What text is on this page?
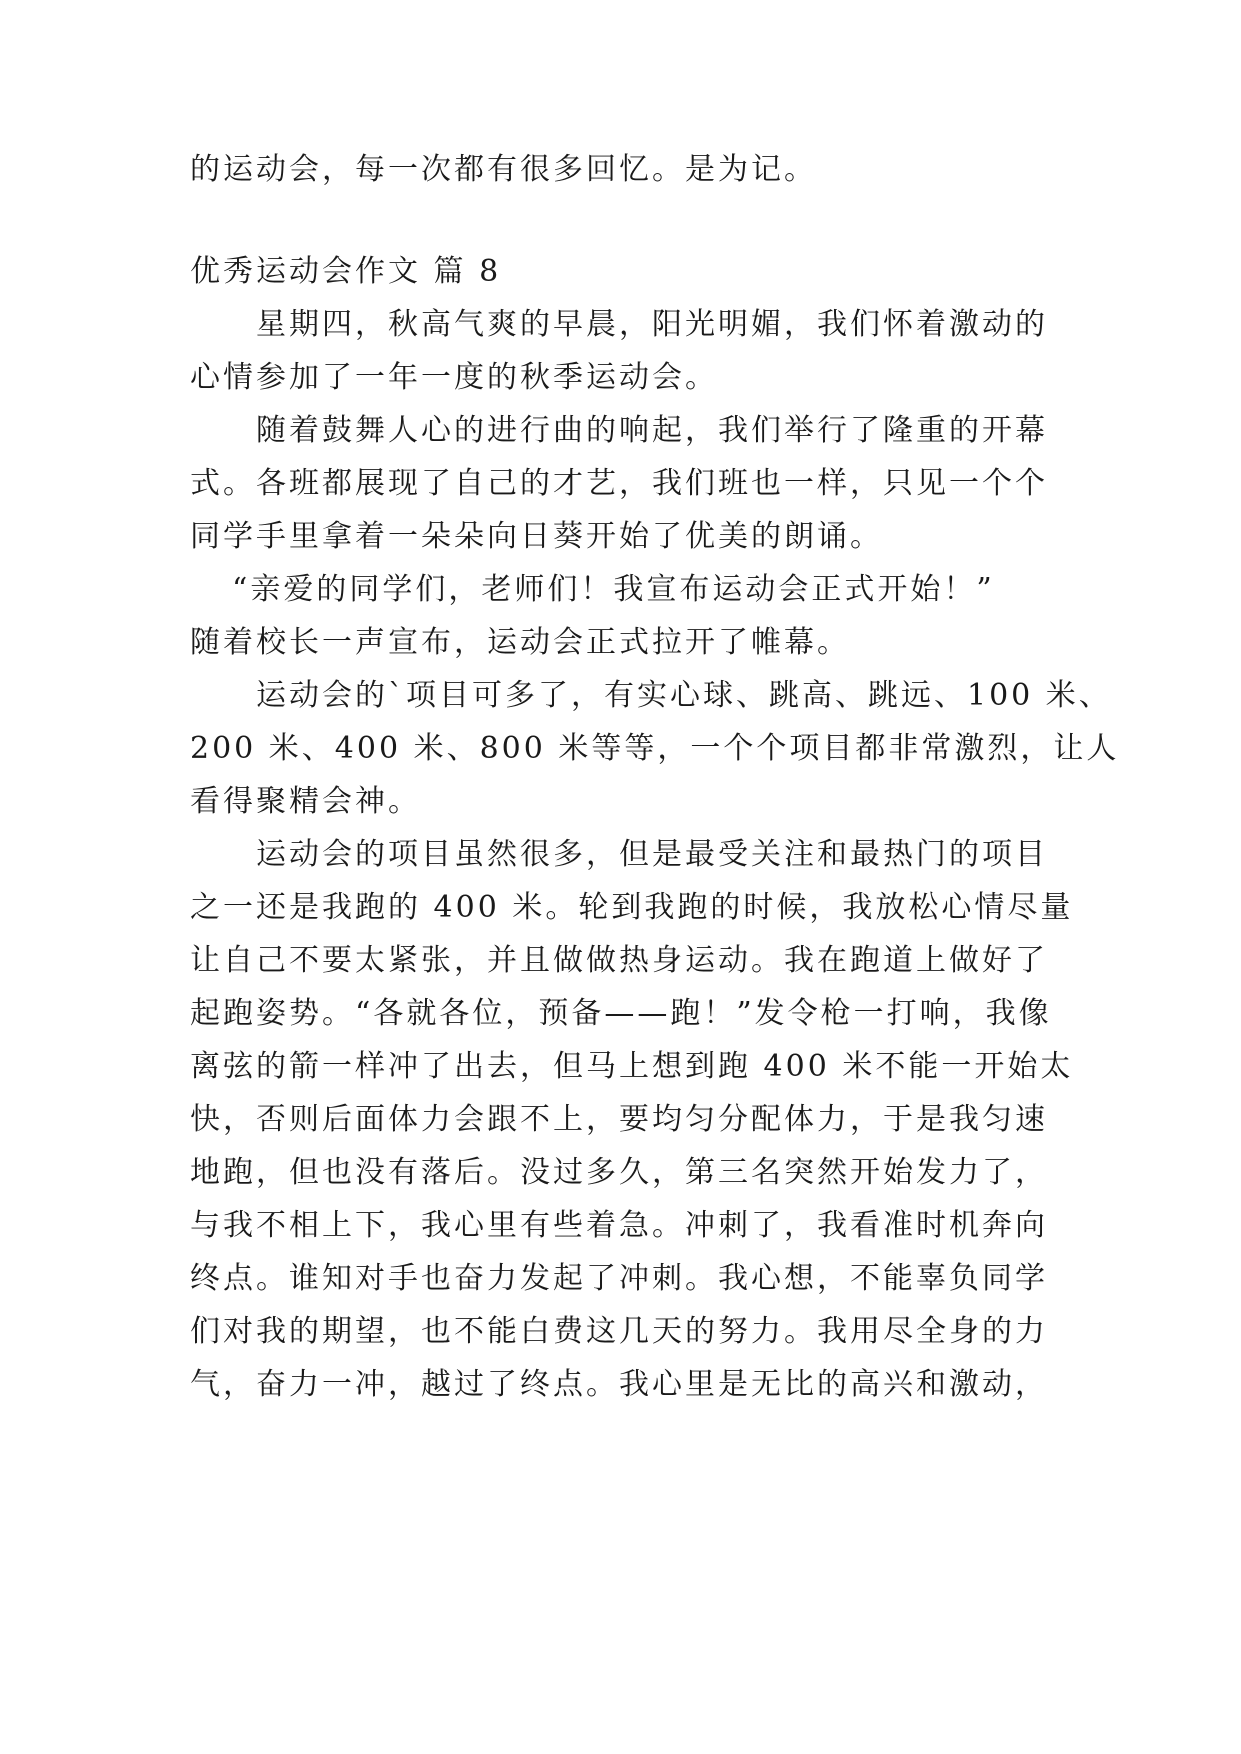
的运动会，每一次都有很多回忆。是为记。
优秀运动会作文 篇 8
星期四，秋高气爽的早晨，阳光明媚，我们怀着激动的
心情参加了一年一度的秋季运动会。
随着鼓舞人心的进行曲的响起，我们举行了隆重的开幕
式。各班都展现了自己的才艺，我们班也一样，只见一个个
同学手里拿着一朵朵向日葵开始了优美的朗诵。
“亲爱的同学们，老师们！我宣布运动会正式开始！”
随着校长一声宣布，运动会正式拉开了帷幕。
运动会的`项目可多了，有实心球、跳高、跳远、100 米、
200 米、400 米、800 米等等，一个个项目都非常激烈，让人
看得聚精会神。
运动会的项目虽然很多，但是最受关注和最热门的项目
之一还是我跑的 400 米。轮到我跑的时候，我放松心情尽量
让自己不要太紧张，并且做做热身运动。我在跑道上做好了
起跑姿势。“各就各位，预备——跑！”发令枪一打响，我像
离弦的箭一样冲了出去，但马上想到跑 400 米不能一开始太
快，否则后面体力会跟不上，要均匀分配体力，于是我匀速
地跑，但也没有落后。没过多久，第三名突然开始发力了，
与我不相上下，我心里有些着急。冲刺了，我看准时机奔向
终点。谁知对手也奋力发起了冲刺。我心想，不能辜负同学
们对我的期望，也不能白费这几天的努力。我用尽全身的力
气，奋力一冲，越过了终点。我心里是无比的高兴和激动，
